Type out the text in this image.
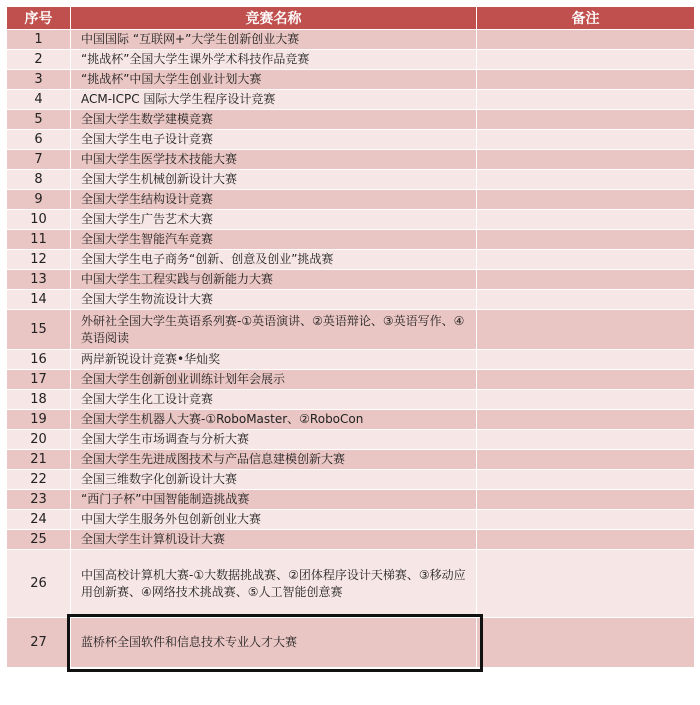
序号	竞赛名称	备注
1	中国国际 “互联网+”大学生创新创业大赛	
2	“挑战杯”全国大学生课外学术科技作品竞赛	
3	“挑战杯”中国大学生创业计划大赛	
4	ACM-ICPC 国际大学生程序设计竞赛	
5	全国大学生数学建模竞赛	
6	全国大学生电子设计竞赛	
7	中国大学生医学技术技能大赛	
8	全国大学生机械创新设计大赛	
9	全国大学生结构设计竞赛	
10	全国大学生广告艺术大赛	
11	全国大学生智能汽车竞赛	
12	全国大学生电子商务“创新、创意及创业”挑战赛	
13	中国大学生工程实践与创新能力大赛	
14	全国大学生物流设计大赛	
15	外研社全国大学生英语系列赛-①英语演讲、②英语辩论、③英语写作、④英语阅读	
16	两岸新锐设计竞赛•华灿奖	
17	全国大学生创新创业训练计划年会展示	
18	全国大学生化工设计竞赛	
19	全国大学生机器人大赛-①RoboMaster、②RoboCon	
20	全国大学生市场调查与分析大赛	
21	全国大学生先进成图技术与产品信息建模创新大赛	
22	全国三维数字化创新设计大赛	
23	“西门子杯”中国智能制造挑战赛	
24	中国大学生服务外包创新创业大赛	
25	全国大学生计算机设计大赛	
26	中国高校计算机大赛-①大数据挑战赛、②团体程序设计天梯赛、③移动应用创新赛、④网络技术挑战赛、⑤人工智能创意赛	
27	蓝桥杯全国软件和信息技术专业人才大赛	
